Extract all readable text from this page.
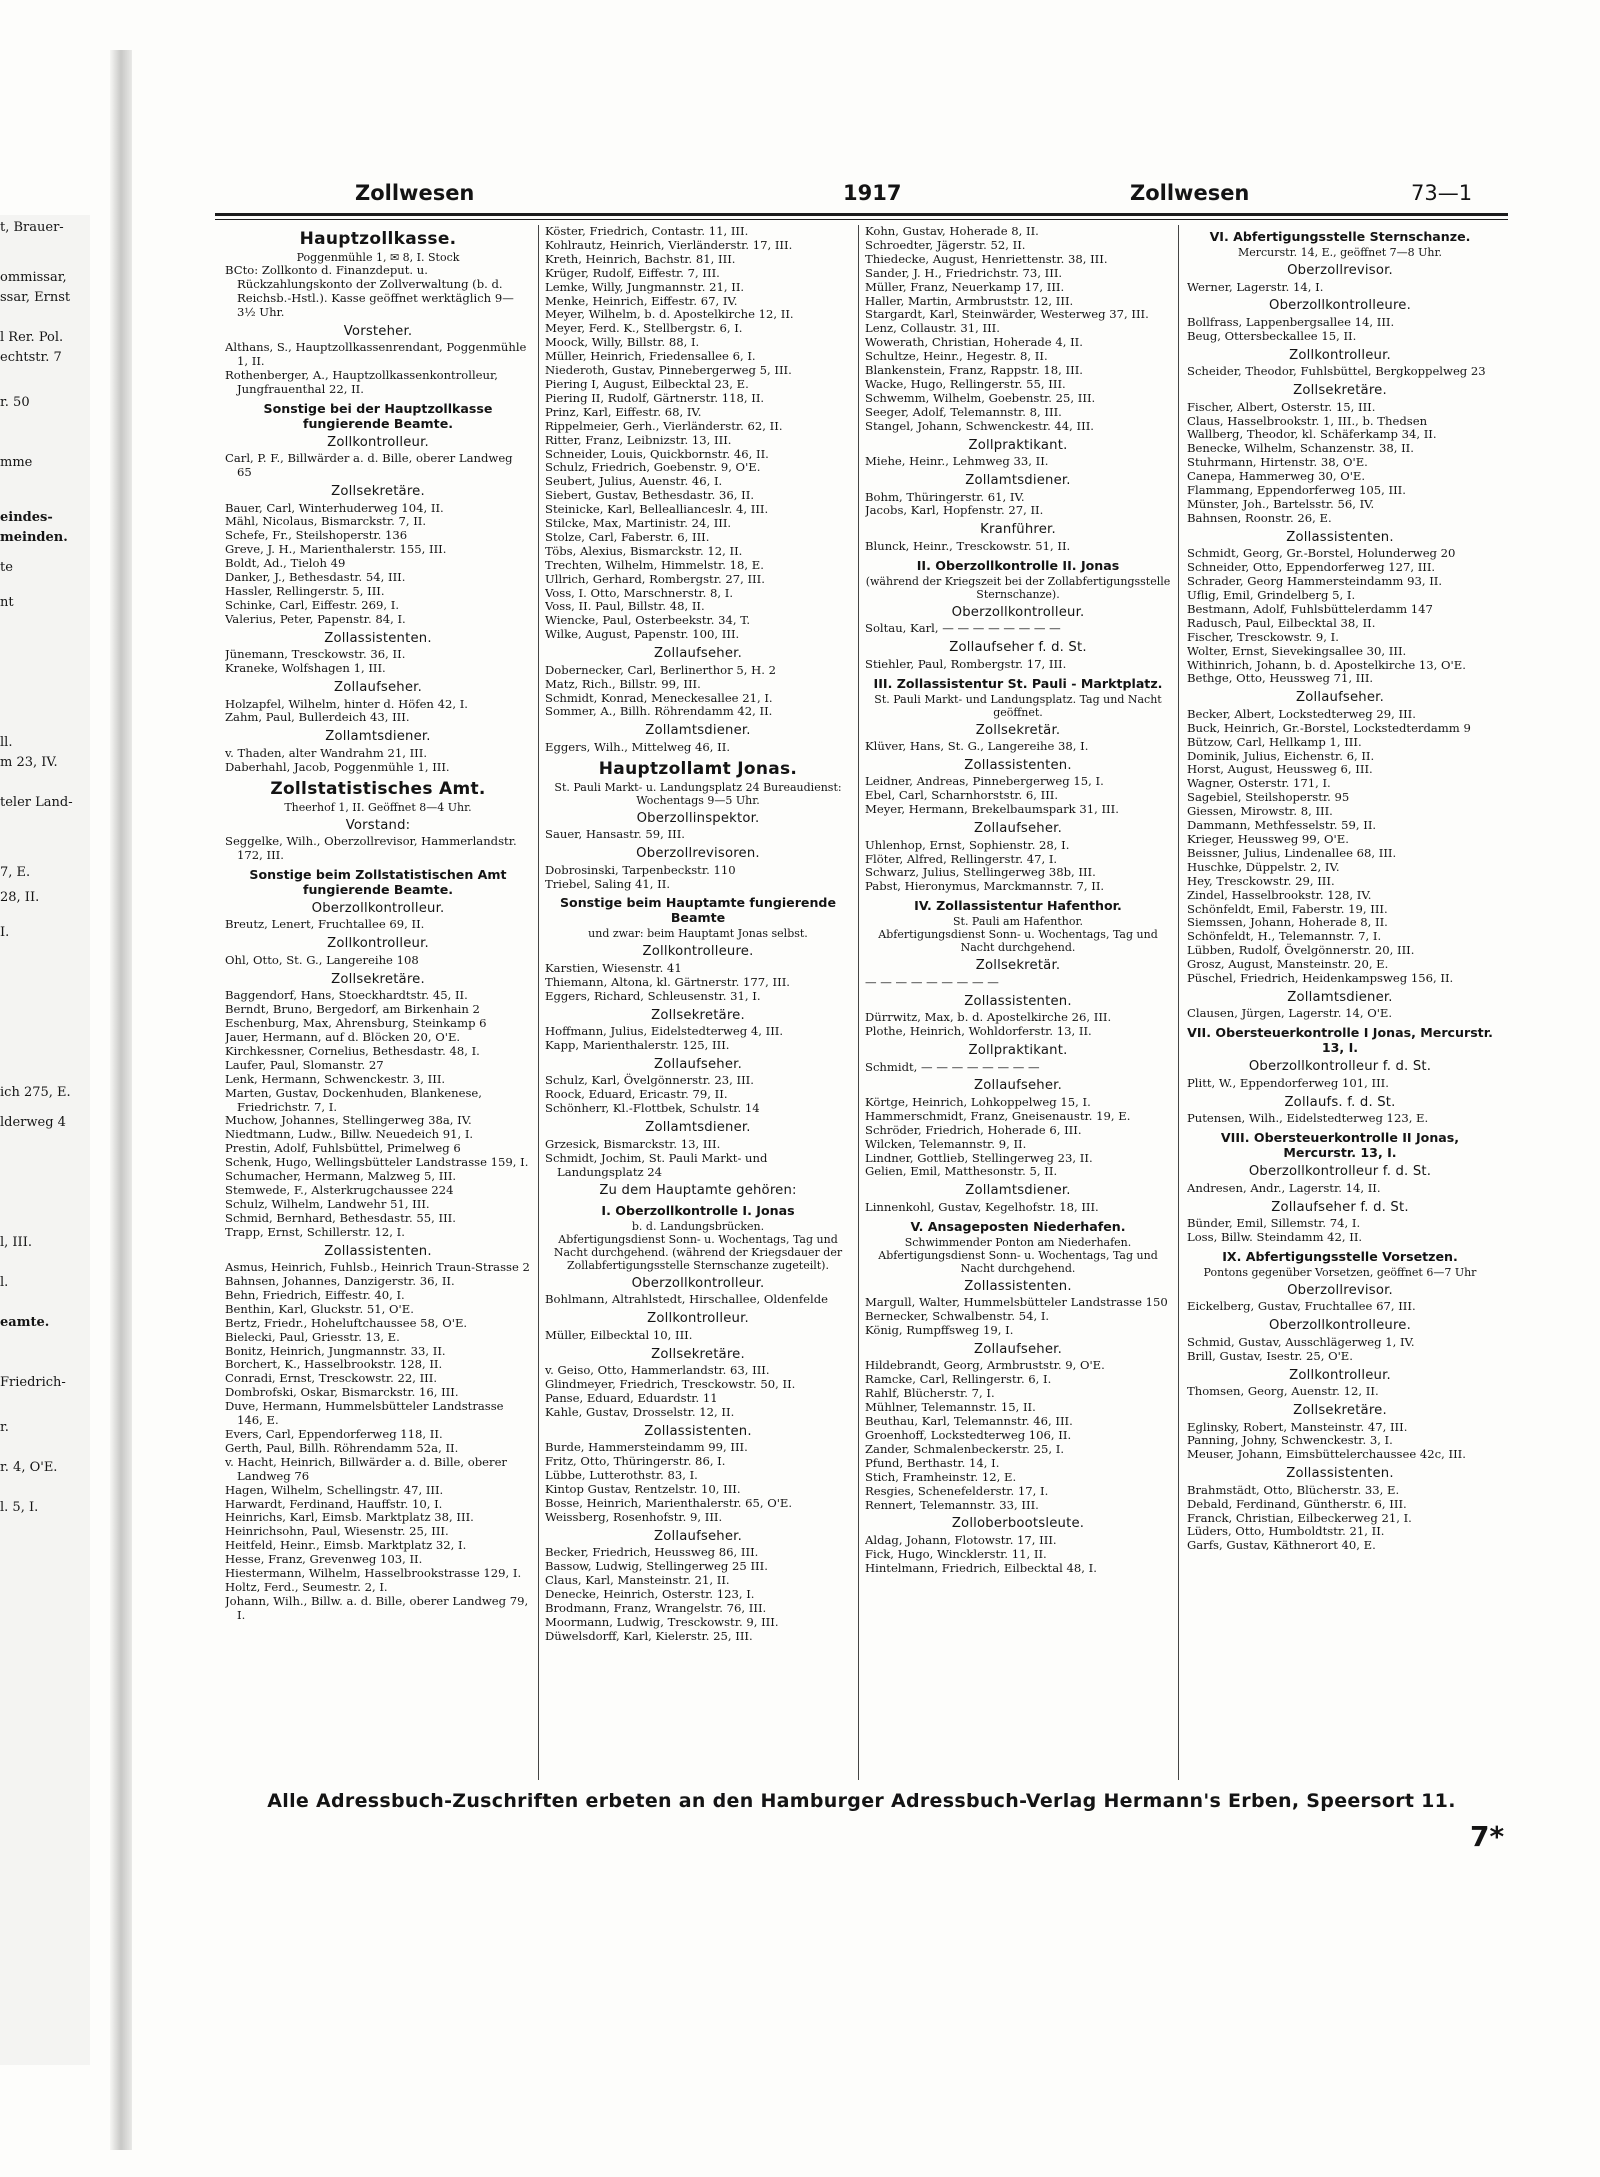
t, Brauer-
ommissar,
ssar, Ernst
l Rer. Pol.
echtstr. 7
r. 50
mme
eindes-
meinden.
te
nt
ll.
m 23, IV.
teler Land-
7, E.
28, II.
I.
ich 275, E.
lderweg 4
l, III.
l.
eamte.
Friedrich-
r.
r. 4, O'E.
l. 5, I.
Zollwesen	1917	Zollwesen	73—1
Hauptzollkasse.
Poggenmühle 1, ✉ 8, I. Stock
BCto: Zollkonto d. Finanzdeput. u. Rückzahlungskonto der Zollverwaltung (b. d. Reichsb.-Hstl.). Kasse geöffnet werktäglich 9—3½ Uhr.
Vorsteher.
Althans, S., Hauptzollkassenrendant, Poggenmühle 1, II.
Rothenberger, A., Hauptzollkassenkontrolleur, Jungfrauenthal 22, II.
Sonstige bei der Hauptzollkasse fungierende Beamte.
Zollkontrolleur.
Carl, P. F., Billwärder a. d. Bille, oberer Landweg 65
Zollsekretäre.
Bauer, Carl, Winterhuderweg 104, II.
Mähl, Nicolaus, Bismarckstr. 7, II.
Schefe, Fr., Steilshoperstr. 136
Greve, J. H., Marienthalerstr. 155, III.
Boldt, Ad., Tieloh 49
Danker, J., Bethesdastr. 54, III.
Hassler, Rellingerstr. 5, III.
Schinke, Carl, Eiffestr. 269, I.
Valerius, Peter, Papenstr. 84, I.
Zollassistenten.
Jünemann, Tresckowstr. 36, II.
Kraneke, Wolfshagen 1, III.
Zollaufseher.
Holzapfel, Wilhelm, hinter d. Höfen 42, I.
Zahm, Paul, Bullerdeich 43, III.
Zollamtsdiener.
v. Thaden, alter Wandrahm 21, III.
Daberhahl, Jacob, Poggenmühle 1, III.
Zollstatistisches Amt.
Theerhof 1, II. Geöffnet 8—4 Uhr.
Vorstand:
Seggelke, Wilh., Oberzollrevisor, Hammerlandstr. 172, III.
Sonstige beim Zollstatistischen Amt fungierende Beamte.
Oberzollkontrolleur.
Breutz, Lenert, Fruchtallee 69, II.
Zollkontrolleur.
Ohl, Otto, St. G., Langereihe 108
Zollsekretäre.
Baggendorf, Hans, Stoeckhardtstr. 45, II.
Berndt, Bruno, Bergedorf, am Birkenhain 2
Eschenburg, Max, Ahrensburg, Steinkamp 6
Jauer, Hermann, auf d. Blöcken 20, O'E.
Kirchkessner, Cornelius, Bethesdastr. 48, I.
Laufer, Paul, Slomanstr. 27
Lenk, Hermann, Schwenckestr. 3, III.
Marten, Gustav, Dockenhuden, Blankenese, Friedrichstr. 7, I.
Muchow, Johannes, Stellingerweg 38a, IV.
Niedtmann, Ludw., Billw. Neuedeich 91, I.
Prestin, Adolf, Fuhlsbüttel, Primelweg 6
Schenk, Hugo, Wellingsbütteler Landstrasse 159, I.
Schumacher, Hermann, Malzweg 5, III.
Stemwede, F., Alsterkrugchaussee 224
Schulz, Wilhelm, Landwehr 51, III.
Schmid, Bernhard, Bethesdastr. 55, III.
Trapp, Ernst, Schillerstr. 12, I.
Zollassistenten.
Asmus, Heinrich, Fuhlsb., Heinrich Traun-Strasse 2
Bahnsen, Johannes, Danzigerstr. 36, II.
Behn, Friedrich, Eiffestr. 40, I.
Benthin, Karl, Gluckstr. 51, O'E.
Bertz, Friedr., Hoheluftchaussee 58, O'E.
Bielecki, Paul, Griesstr. 13, E.
Bonitz, Heinrich, Jungmannstr. 33, II.
Borchert, K., Hasselbrookstr. 128, II.
Conradi, Ernst, Tresckowstr. 22, III.
Dombrofski, Oskar, Bismarckstr. 16, III.
Duve, Hermann, Hummelsbütteler Landstrasse 146, E.
Evers, Carl, Eppendorferweg 118, II.
Gerth, Paul, Billh. Röhrendamm 52a, II.
v. Hacht, Heinrich, Billwärder a. d. Bille, oberer Landweg 76
Hagen, Wilhelm, Schellingstr. 47, III.
Harwardt, Ferdinand, Hauffstr. 10, I.
Heinrichs, Karl, Eimsb. Marktplatz 38, III.
Heinrichsohn, Paul, Wiesenstr. 25, III.
Heitfeld, Heinr., Eimsb. Marktplatz 32, I.
Hesse, Franz, Grevenweg 103, II.
Hiestermann, Wilhelm, Hasselbrookstrasse 129, I.
Holtz, Ferd., Seumestr. 2, I.
Johann, Wilh., Billw. a. d. Bille, oberer Landweg 79, I.
Köster, Friedrich, Contastr. 11, III.
Kohlrautz, Heinrich, Vierländerstr. 17, III.
Kreth, Heinrich, Bachstr. 81, III.
Krüger, Rudolf, Eiffestr. 7, III.
Lemke, Willy, Jungmannstr. 21, II.
Menke, Heinrich, Eiffestr. 67, IV.
Meyer, Wilhelm, b. d. Apostelkirche 12, II.
Meyer, Ferd. K., Stellbergstr. 6, I.
Moock, Willy, Billstr. 88, I.
Müller, Heinrich, Friedensallee 6, I.
Niederoth, Gustav, Pinnebergerweg 5, III.
Piering I, August, Eilbecktal 23, E.
Piering II, Rudolf, Gärtnerstr. 118, II.
Prinz, Karl, Eiffestr. 68, IV.
Rippelmeier, Gerh., Vierländerstr. 62, II.
Ritter, Franz, Leibnizstr. 13, III.
Schneider, Louis, Quickbornstr. 46, II.
Schulz, Friedrich, Goebenstr. 9, O'E.
Seubert, Julius, Auenstr. 46, I.
Siebert, Gustav, Bethesdastr. 36, II.
Steinicke, Karl, Belleallianceslr. 4, III.
Stilcke, Max, Martinistr. 24, III.
Stolze, Carl, Faberstr. 6, III.
Töbs, Alexius, Bismarckstr. 12, II.
Trechten, Wilhelm, Himmelstr. 18, E.
Ullrich, Gerhard, Rombergstr. 27, III.
Voss, I. Otto, Marschnerstr. 8, I.
Voss, II. Paul, Billstr. 48, II.
Wiencke, Paul, Osterbeekstr. 34, T.
Wilke, August, Papenstr. 100, III.
Zollaufseher.
Dobernecker, Carl, Berlinerthor 5, H. 2
Matz, Rich., Billstr. 99, III.
Schmidt, Konrad, Meneckesallee 21, I.
Sommer, A., Billh. Röhrendamm 42, II.
Zollamtsdiener.
Eggers, Wilh., Mittelweg 46, II.
Hauptzollamt Jonas.
St. Pauli Markt- u. Landungsplatz 24 Bureaudienst: Wochentags 9—5 Uhr.
Oberzollinspektor.
Sauer, Hansastr. 59, III.
Oberzollrevisoren.
Dobrosinski, Tarpenbeckstr. 110
Triebel, Saling 41, II.
Sonstige beim Hauptamte fungierende Beamte
und zwar: beim Hauptamt Jonas selbst.
Zollkontrolleure.
Karstien, Wiesenstr. 41
Thiemann, Altona, kl. Gärtnerstr. 177, III.
Eggers, Richard, Schleusenstr. 31, I.
Zollsekretäre.
Hoffmann, Julius, Eidelstedterweg 4, III.
Kapp, Marienthalerstr. 125, III.
Zollaufseher.
Schulz, Karl, Övelgönnerstr. 23, III.
Roock, Eduard, Ericastr. 79, II.
Schönherr, Kl.-Flottbek, Schulstr. 14
Zollamtsdiener.
Grzesick, Bismarckstr. 13, III.
Schmidt, Jochim, St. Pauli Markt- und Landungsplatz 24
Zu dem Hauptamte gehören:
I. Oberzollkontrolle I. Jonas
b. d. Landungsbrücken.
Abfertigungsdienst Sonn- u. Wochentags, Tag und Nacht durchgehend. (während der Kriegsdauer der Zollabfertigungsstelle Sternschanze zugeteilt).
Oberzollkontrolleur.
Bohlmann, Altrahlstedt, Hirschallee, Oldenfelde
Zollkontrolleur.
Müller, Eilbecktal 10, III.
Zollsekretäre.
v. Geiso, Otto, Hammerlandstr. 63, III.
Glindmeyer, Friedrich, Tresckowstr. 50, II.
Panse, Eduard, Eduardstr. 11
Kahle, Gustav, Drosselstr. 12, II.
Zollassistenten.
Burde, Hammersteindamm 99, III.
Fritz, Otto, Thüringerstr. 86, I.
Lübbe, Lutterothstr. 83, I.
Kintop Gustav, Rentzelstr. 10, III.
Bosse, Heinrich, Marienthalerstr. 65, O'E.
Weissberg, Rosenhofstr. 9, III.
Zollaufseher.
Becker, Friedrich, Heussweg 86, III.
Bassow, Ludwig, Stellingerweg 25 III.
Claus, Karl, Mansteinstr. 21, II.
Denecke, Heinrich, Osterstr. 123, I.
Brodmann, Franz, Wrangelstr. 76, III.
Moormann, Ludwig, Tresckowstr. 9, III.
Düwelsdorff, Karl, Kielerstr. 25, III.
Kohn, Gustav, Hoherade 8, II.
Schroedter, Jägerstr. 52, II.
Thiedecke, August, Henriettenstr. 38, III.
Sander, J. H., Friedrichstr. 73, III.
Müller, Franz, Neuerkamp 17, III.
Haller, Martin, Armbruststr. 12, III.
Stargardt, Karl, Steinwärder, Westerweg 37, III.
Lenz, Collaustr. 31, III.
Wowerath, Christian, Hoherade 4, II.
Schultze, Heinr., Hegestr. 8, II.
Blankenstein, Franz, Rappstr. 18, III.
Wacke, Hugo, Rellingerstr. 55, III.
Schwemm, Wilhelm, Goebenstr. 25, III.
Seeger, Adolf, Telemannstr. 8, III.
Stangel, Johann, Schwenckestr. 44, III.
Zollpraktikant.
Miehe, Heinr., Lehmweg 33, II.
Zollamtsdiener.
Bohm, Thüringerstr. 61, IV.
Jacobs, Karl, Hopfenstr. 27, II.
Kranführer.
Blunck, Heinr., Tresckowstr. 51, II.
II. Oberzollkontrolle II. Jonas
(während der Kriegszeit bei der Zollabfertigungsstelle Sternschanze).
Oberzollkontrolleur.
Soltau, Karl, — — — — — — — —
Zollaufseher f. d. St.
Stiehler, Paul, Rombergstr. 17, III.
III. Zollassistentur St. Pauli - Marktplatz.
St. Pauli Markt- und Landungsplatz. Tag und Nacht geöffnet.
Zollsekretär.
Klüver, Hans, St. G., Langereihe 38, I.
Zollassistenten.
Leidner, Andreas, Pinnebergerweg 15, I.
Ebel, Carl, Scharnhorststr. 6, III.
Meyer, Hermann, Brekelbaumspark 31, III.
Zollaufseher.
Uhlenhop, Ernst, Sophienstr. 28, I.
Flöter, Alfred, Rellingerstr. 47, I.
Schwarz, Julius, Stellingerweg 38b, III.
Pabst, Hieronymus, Marckmannstr. 7, II.
IV. Zollassistentur Hafenthor.
St. Pauli am Hafenthor.
Abfertigungsdienst Sonn- u. Wochentags, Tag und Nacht durchgehend.
Zollsekretär.
— — — — — — — — —
Zollassistenten.
Dürrwitz, Max, b. d. Apostelkirche 26, III.
Plothe, Heinrich, Wohldorferstr. 13, II.
Zollpraktikant.
Schmidt, — — — — — — — —
Zollaufseher.
Körtge, Heinrich, Lohkoppelweg 15, I.
Hammerschmidt, Franz, Gneisenaustr. 19, E.
Schröder, Friedrich, Hoherade 6, III.
Wilcken, Telemannstr. 9, II.
Lindner, Gottlieb, Stellingerweg 23, II.
Gelien, Emil, Matthesonstr. 5, II.
Zollamtsdiener.
Linnenkohl, Gustav, Kegelhofstr. 18, III.
V. Ansageposten Niederhafen.
Schwimmender Ponton am Niederhafen. Abfertigungsdienst Sonn- u. Wochentags, Tag und Nacht durchgehend.
Zollassistenten.
Margull, Walter, Hummelsbütteler Landstrasse 150
Bernecker, Schwalbenstr. 54, I.
König, Rumpffsweg 19, I.
Zollaufseher.
Hildebrandt, Georg, Armbruststr. 9, O'E.
Ramcke, Carl, Rellingerstr. 6, I.
Rahlf, Blücherstr. 7, I.
Mühlner, Telemannstr. 15, II.
Beuthau, Karl, Telemannstr. 46, III.
Groenhoff, Lockstedterweg 106, II.
Zander, Schmalenbeckerstr. 25, I.
Pfund, Berthastr. 14, I.
Stich, Framheinstr. 12, E.
Resgies, Schenefelderstr. 17, I.
Rennert, Telemannstr. 33, III.
Zolloberbootsleute.
Aldag, Johann, Flotowstr. 17, III.
Fick, Hugo, Wincklerstr. 11, II.
Hintelmann, Friedrich, Eilbecktal 48, I.
VI. Abfertigungsstelle Sternschanze.
Mercurstr. 14, E., geöffnet 7—8 Uhr.
Oberzollrevisor.
Werner, Lagerstr. 14, I.
Oberzollkontrolleure.
Bollfrass, Lappenbergsallee 14, III.
Beug, Ottersbeckallee 15, II.
Zollkontrolleur.
Scheider, Theodor, Fuhlsbüttel, Bergkoppelweg 23
Zollsekretäre.
Fischer, Albert, Osterstr. 15, III.
Claus, Hasselbrookstr. 1, III., b. Thedsen
Wallberg, Theodor, kl. Schäferkamp 34, II.
Benecke, Wilhelm, Schanzenstr. 38, II.
Stuhrmann, Hirtenstr. 38, O'E.
Canepa, Hammerweg 30, O'E.
Flammang, Eppendorferweg 105, III.
Münster, Joh., Bartelsstr. 56, IV.
Bahnsen, Roonstr. 26, E.
Zollassistenten.
Schmidt, Georg, Gr.-Borstel, Holunderweg 20
Schneider, Otto, Eppendorferweg 127, III.
Schrader, Georg Hammersteindamm 93, II.
Uflig, Emil, Grindelberg 5, I.
Bestmann, Adolf, Fuhlsbüttelerdamm 147
Radusch, Paul, Eilbecktal 38, II.
Fischer, Tresckowstr. 9, I.
Wolter, Ernst, Sievekingsallee 30, III.
Withinrich, Johann, b. d. Apostelkirche 13, O'E.
Bethge, Otto, Heussweg 71, III.
Zollaufseher.
Becker, Albert, Lockstedterweg 29, III.
Buck, Heinrich, Gr.-Borstel, Lockstedterdamm 9
Bützow, Carl, Hellkamp 1, III.
Dominik, Julius, Eichenstr. 6, II.
Horst, August, Heussweg 6, III.
Wagner, Osterstr. 171, I.
Sagebiel, Steilshoperstr. 95
Giessen, Mirowstr. 8, III.
Dammann, Methfesselstr. 59, II.
Krieger, Heussweg 99, O'E.
Beissner, Julius, Lindenallee 68, III.
Huschke, Düppelstr. 2, IV.
Hey, Tresckowstr. 29, III.
Zindel, Hasselbrookstr. 128, IV.
Schönfeldt, Emil, Faberstr. 19, III.
Siemssen, Johann, Hoherade 8, II.
Schönfeldt, H., Telemannstr. 7, I.
Lübben, Rudolf, Övelgönnerstr. 20, III.
Grosz, August, Mansteinstr. 20, E.
Püschel, Friedrich, Heidenkampsweg 156, II.
Zollamtsdiener.
Clausen, Jürgen, Lagerstr. 14, O'E.
VII. Obersteuerkontrolle I Jonas, Mercurstr. 13, I.
Oberzollkontrolleur f. d. St.
Plitt, W., Eppendorferweg 101, III.
Zollaufs. f. d. St.
Putensen, Wilh., Eidelstedterweg 123, E.
VIII. Obersteuerkontrolle II Jonas, Mercurstr. 13, I.
Oberzollkontrolleur f. d. St.
Andresen, Andr., Lagerstr. 14, II.
Zollaufseher f. d. St.
Bünder, Emil, Sillemstr. 74, I.
Loss, Billw. Steindamm 42, II.
IX. Abfertigungsstelle Vorsetzen.
Pontons gegenüber Vorsetzen, geöffnet 6—7 Uhr
Oberzollrevisor.
Eickelberg, Gustav, Fruchtallee 67, III.
Oberzollkontrolleure.
Schmid, Gustav, Ausschlägerweg 1, IV.
Brill, Gustav, Isestr. 25, O'E.
Zollkontrolleur.
Thomsen, Georg, Auenstr. 12, II.
Zollsekretäre.
Eglinsky, Robert, Mansteinstr. 47, III.
Panning, Johny, Schwenckestr. 3, I.
Meuser, Johann, Eimsbüttelerchaussee 42c, III.
Zollassistenten.
Brahmstädt, Otto, Blücherstr. 33, E.
Debald, Ferdinand, Güntherstr. 6, III.
Franck, Christian, Eilbeckerweg 21, I.
Lüders, Otto, Humboldtstr. 21, II.
Garfs, Gustav, Käthnerort 40, E.
Alle Adressbuch-Zuschriften erbeten an den Hamburger Adressbuch-Verlag Hermann's Erben, Speersort 11.
7*
